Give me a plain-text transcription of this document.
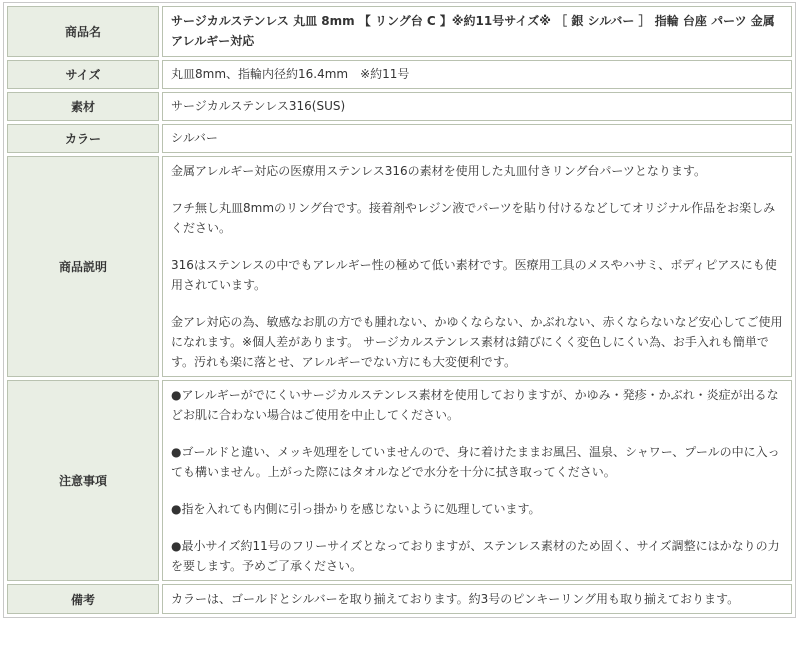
商品名	サージカルステンレス 丸皿 8mm 【 リング台 C 】※約11号サイズ※ ［ 銀 シルバー ］ 指輪 台座 パーツ 金属アレルギー対応
サイズ	丸皿8mm、指輪内径約16.4mm　※約11号
素材	サージカルステンレス316(SUS)
カラー	シルバー
商品説明	金属アレルギー対応の医療用ステンレス316の素材を使用した丸皿付きリング台パーツとなります。

フチ無し丸皿8mmのリング台です。接着剤やレジン液でパーツを貼り付けるなどしてオリジナル作品をお楽しみください。

316はステンレスの中でもアレルギー性の極めて低い素材です。医療用工具のメスやハサミ、ボディピアスにも使用されています。

金アレ対応の為、敏感なお肌の方でも腫れない、かゆくならない、かぶれない、赤くならないなど安心してご使用になれます。※個人差があります。 サージカルステンレス素材は錆びにくく変色しにくい為、お手入れも簡単です。汚れも楽に落とせ、アレルギーでない方にも大変便利です。

注意事項	●アレルギーがでにくいサージカルステンレス素材を使用しておりますが、かゆみ・発疹・かぶれ・炎症が出るなどお肌に合わない場合はご使用を中止してください。

●ゴールドと違い、メッキ処理をしていませんので、身に着けたままお風呂、温泉、シャワー、プールの中に入っても構いません。上がった際にはタオルなどで水分を十分に拭き取ってください。

●指を入れても内側に引っ掛かりを感じないように処理しています。

●最小サイズ約11号のフリーサイズとなっておりますが、ステンレス素材のため固く、サイズ調整にはかなりの力を要します。予めご了承ください。

備考	カラーは、ゴールドとシルバーを取り揃えております。約3号のピンキーリング用も取り揃えております。
